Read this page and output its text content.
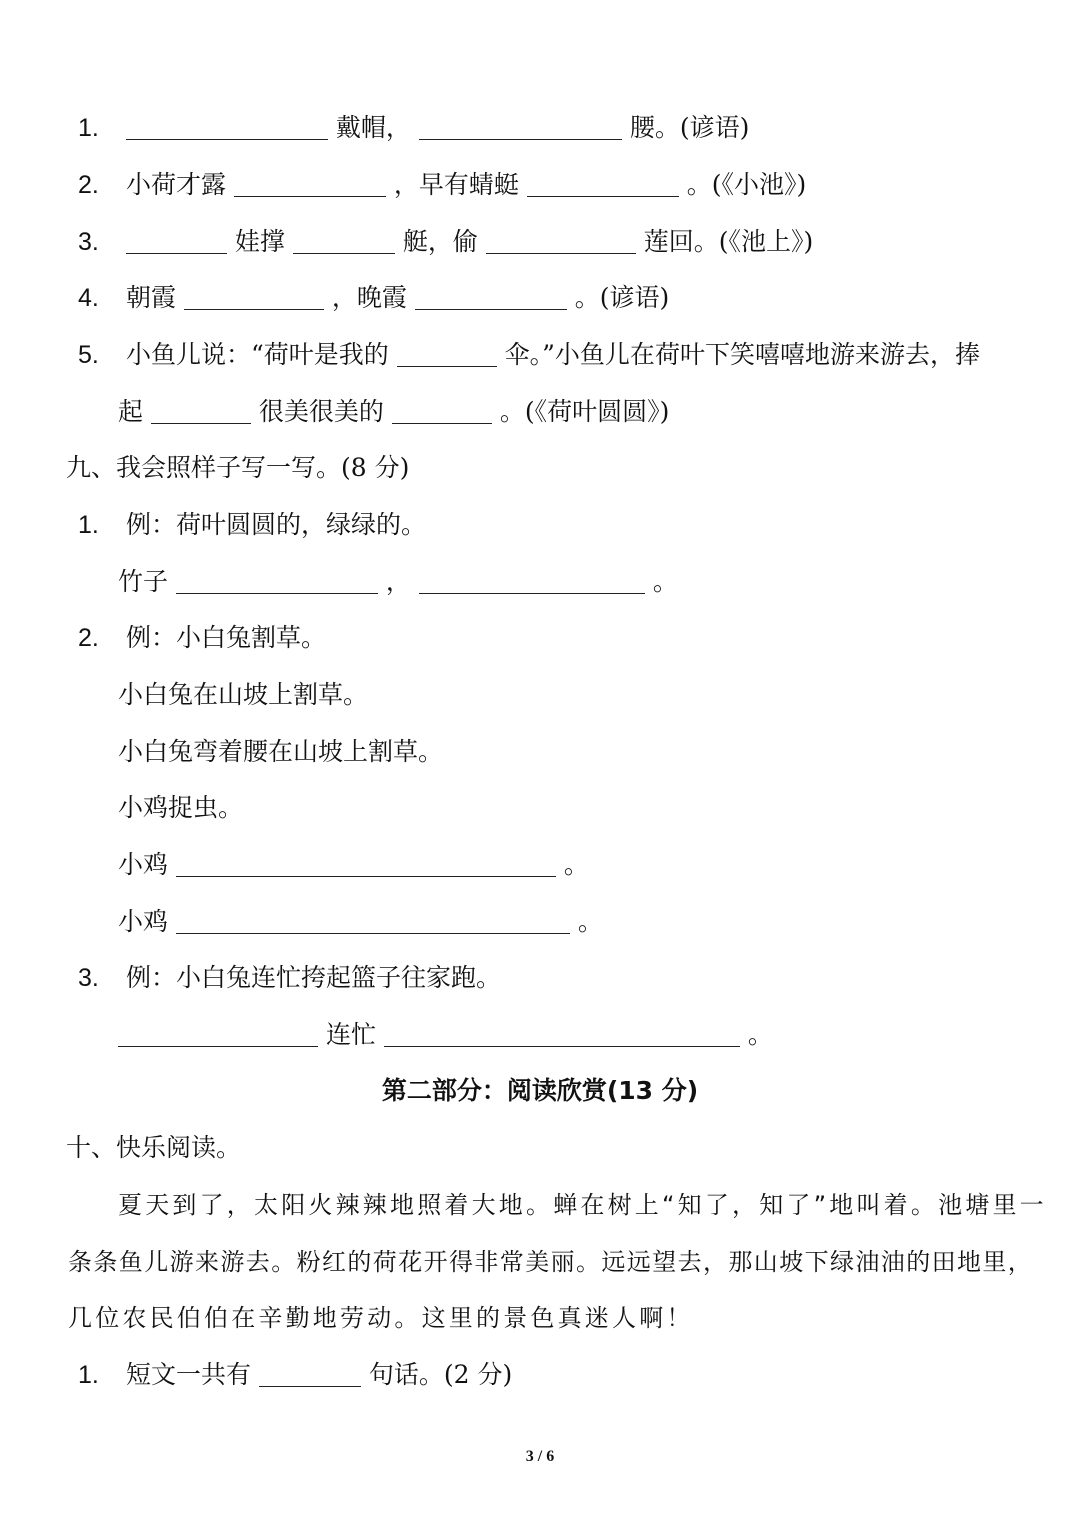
1.	戴帽，	腰。(谚语)
2. 小荷才露	，早有蜻蜓	。(《小池》)
3.	娃撑	艇，偷	莲回。(《池上》)
4. 朝霞	，晚霞	。(谚语)
5. 小鱼儿说：“荷叶是我的	伞。”小鱼儿在荷叶下笑嘻嘻地游来游去，捧
起	很美很美的	。(《荷叶圆圆》)
九、我会照样子写一写。(8 分)
1. 例：荷叶圆圆的，绿绿的。
竹子	，	。
2. 例：小白兔割草。
小白兔在山坡上割草。
小白兔弯着腰在山坡上割草。
小鸡捉虫。
小鸡	。
小鸡	。
3. 例：小白兔连忙挎起篮子往家跑。
连忙	。
第二部分：阅读欣赏(13 分)
十、快乐阅读。
夏天到了，太阳火辣辣地照着大地。蝉在树上“知了，知了”地叫着。池塘里一
条条鱼儿游来游去。粉红的荷花开得非常美丽。远远望去，那山坡下绿油油的田地里，
几位农民伯伯在辛勤地劳动。这里的景色真迷人啊！
1. 短文一共有	句话。(2 分)
3 / 6
